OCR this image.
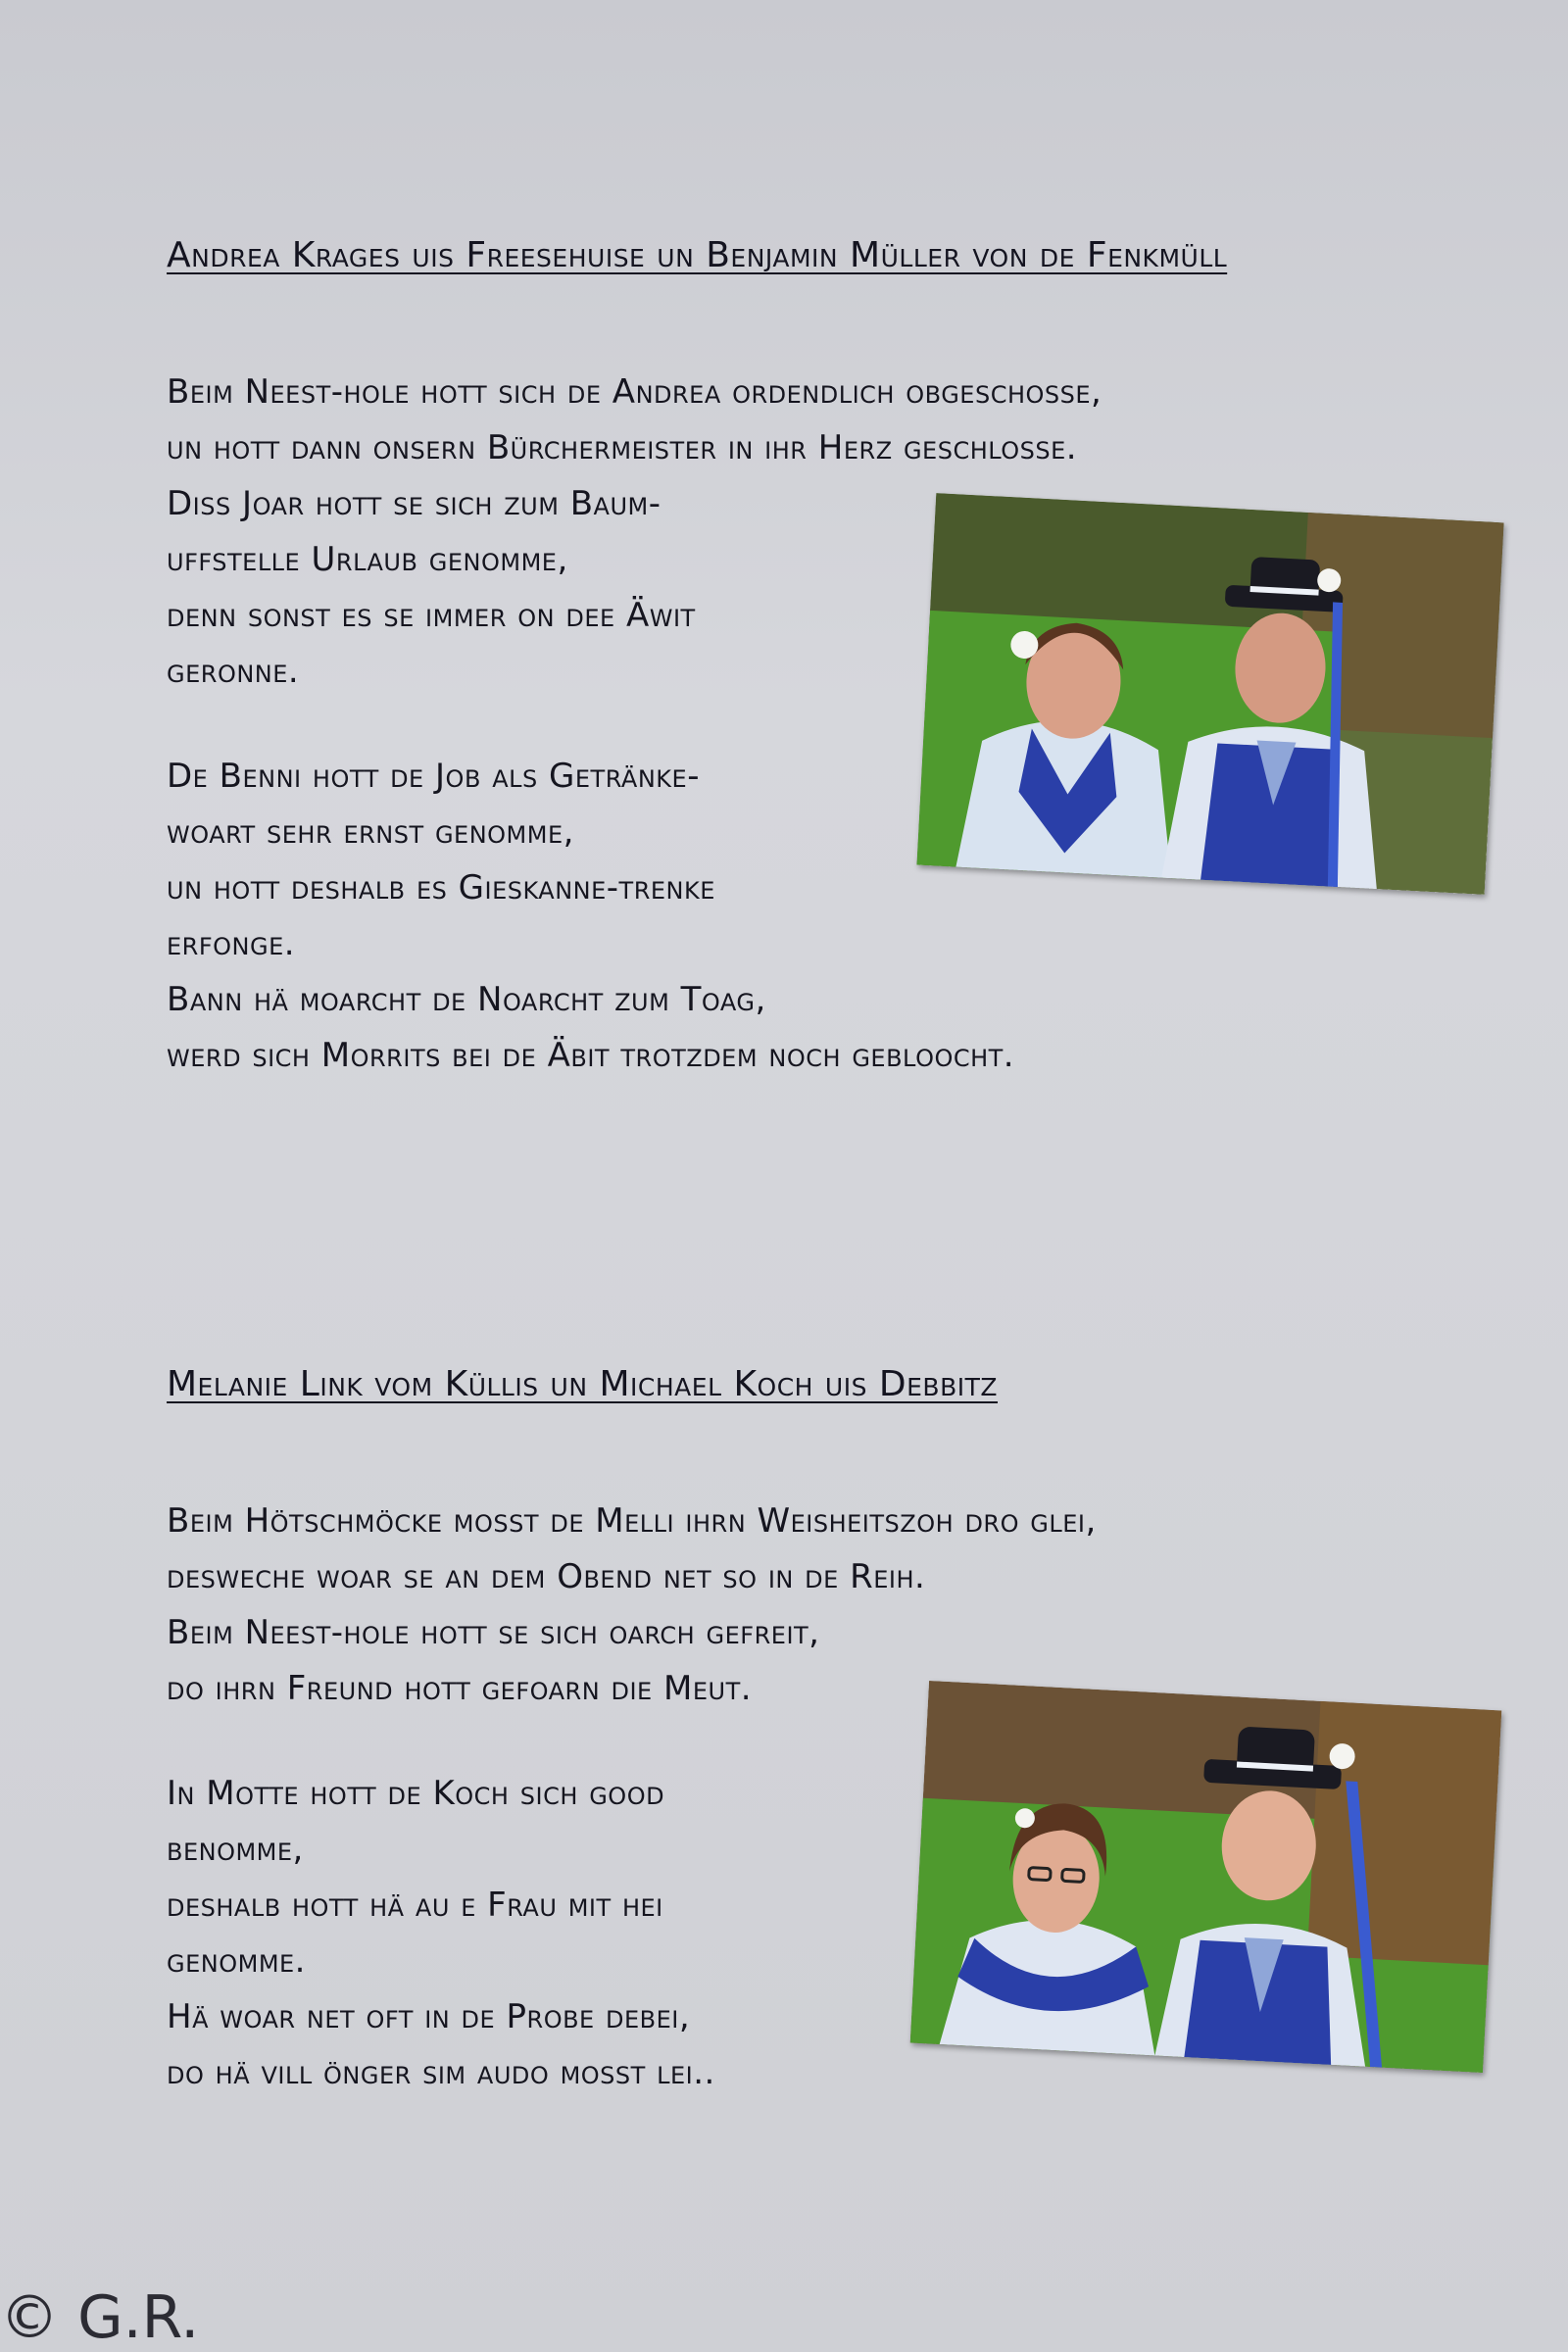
Andrea Krages uis Freesehuise un Benjamin Müller von de Fenkmüll
Beim Neest-hole hott sich de Andrea ordendlich obgeschosse,
un hott dann onsern Bürchermeister in ihr Herz geschlosse.
Diss Joar hott se sich zum Baum-
uffstelle Urlaub genomme,
denn sonst es se immer on dee Äwit
geronne.
De Benni hott de Job als Getränke-
woart sehr ernst genomme,
un hott deshalb es Gieskanne-trenke
erfonge.
Bann hä moarcht de Noarcht zum Toag,
werd sich Morrits bei de Äbit trotzdem noch gebloocht.
Melanie Link vom Küllis un Michael Koch uis Debbitz
Beim Hötschmöcke mosst de Melli ihrn Weisheitszoh dro glei,
desweche woar se an dem Obend net so in de Reih.
Beim Neest-hole hott se sich oarch gefreit,
do ihrn Freund hott gefoarn die Meut.
In Motte hott de Koch sich good
benomme,
deshalb hott hä au e Frau mit hei
genomme.
Hä woar net oft in de Probe debei,
do hä vill önger sim audo mosst lei..
© G.R.
